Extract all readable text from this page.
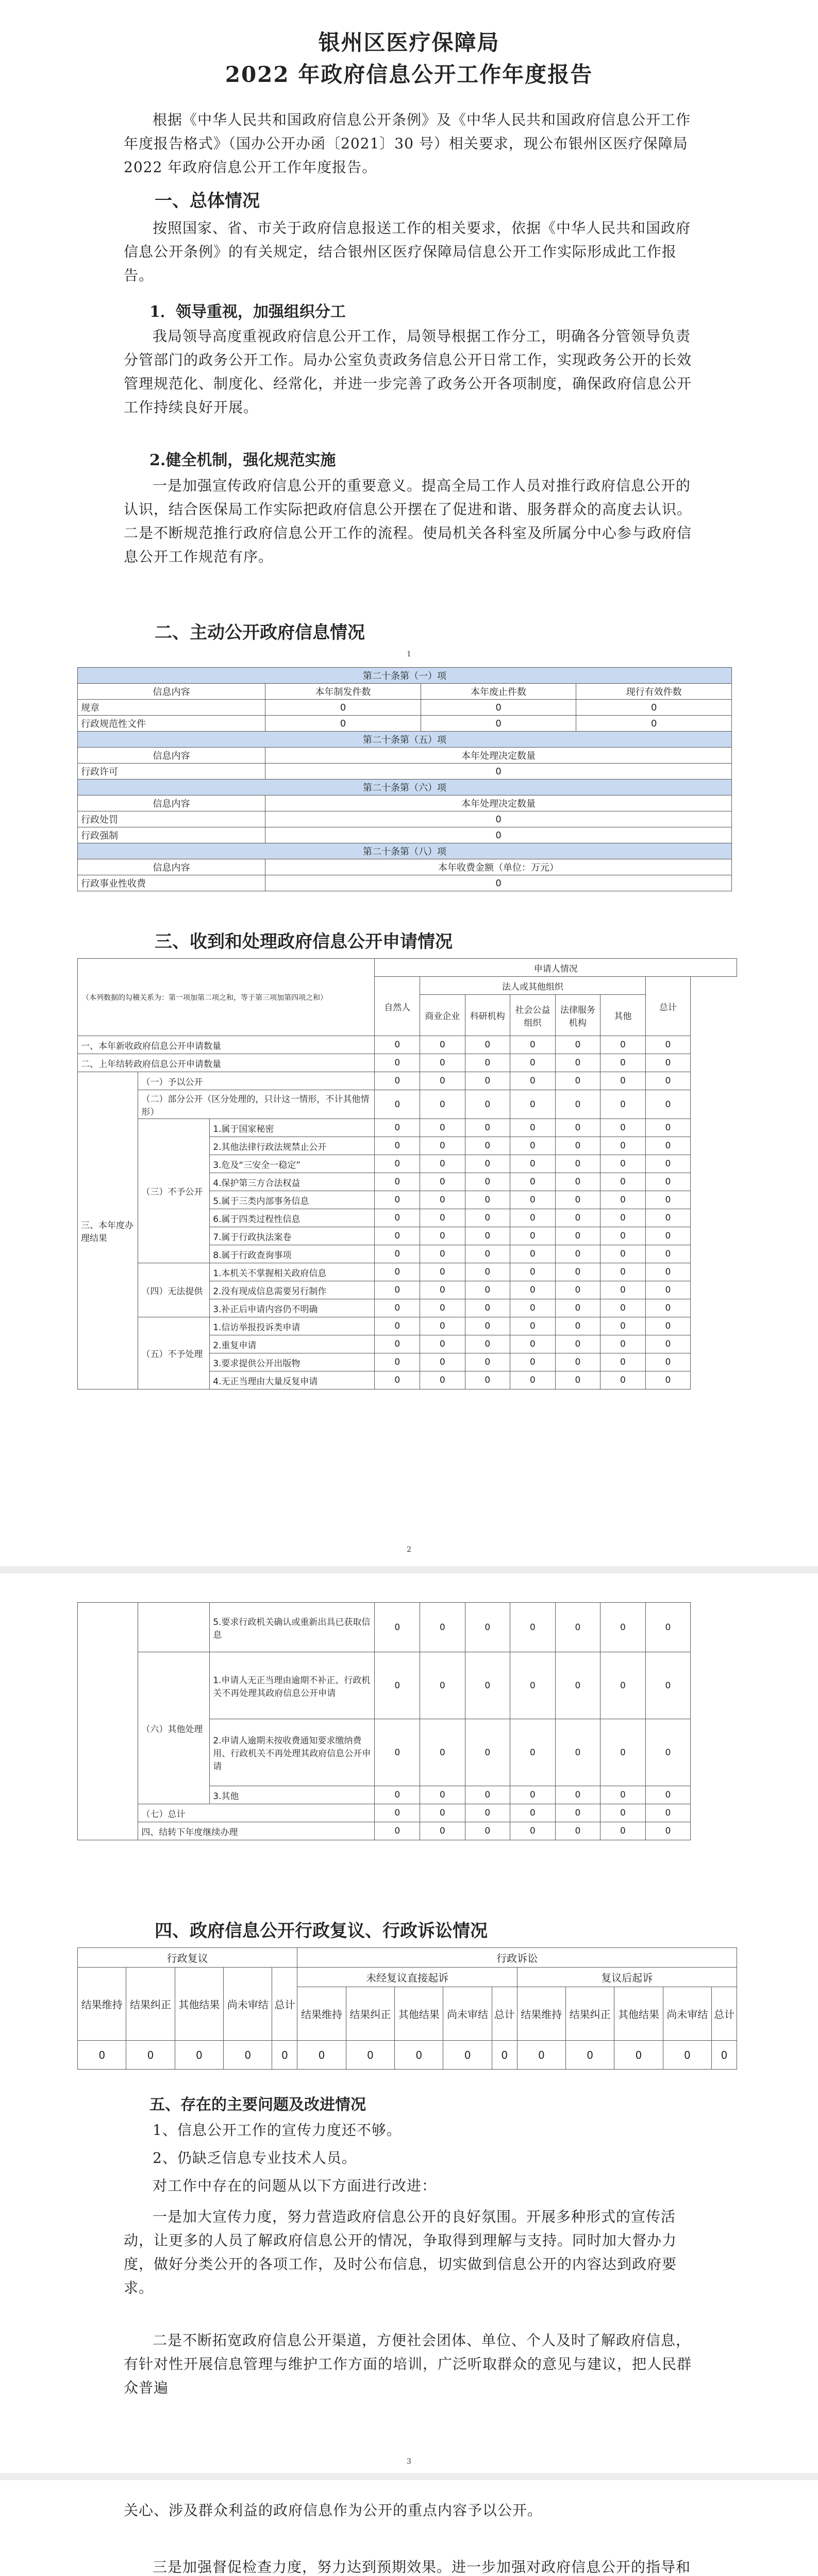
银州区医疗保障局
2022 年政府信息公开工作年度报告
根据《中华人民共和国政府信息公开条例》及《中华人民共和国政府信息公开工作年度报告格式》（国办公开办函〔2021〕30 号）相关要求，现公布银州区医疗保障局 2022 年政府信息公开工作年度报告。
一、总体情况
按照国家、省、市关于政府信息报送工作的相关要求，依据《中华人民共和国政府信息公开条例》的有关规定，结合银州区医疗保障局信息公开工作实际形成此工作报告。
1．领导重视，加强组织分工
我局领导高度重视政府信息公开工作，局领导根据工作分工，明确各分管领导负责分管部门的政务公开工作。局办公室负责政务信息公开日常工作，实现政务公开的长效管理规范化、制度化、经常化，并进一步完善了政务公开各项制度，确保政府信息公开工作持续良好开展。
2.健全机制，强化规范实施
一是加强宣传政府信息公开的重要意义。提高全局工作人员对推行政府信息公开的认识，结合医保局工作实际把政府信息公开摆在了促进和谐、服务群众的高度去认识。二是不断规范推行政府信息公开工作的流程。使局机关各科室及所属分中心参与政府信息公开工作规范有序。
二、主动公开政府信息情况
1
第二十条第（一）项			
信息内容	本年制发件数	本年废止件数	现行有效件数
规章	0	0	0
行政规范性文件	0	0	0
第二十条第（五）项			
信息内容	本年处理决定数量		
行政许可	0		
第二十条第（六）项			
信息内容	本年处理决定数量		
行政处罚	0		
行政强制	0		
第二十条第（八）项			
信息内容	本年收费金额（单位：万元）		
行政事业性收费	0		
三、收到和处理政府信息公开申请情况
（本列数据的勾稽关系为：第一项加第二项之和，等于第三项加第四项之和）			申请人情况						
			自然人	法人或其他组织					总计
				商业企业	科研机构	社会公益组织	法律服务机构	其他	
一、本年新收政府信息公开申请数量			0	0	0	0	0	0	0
二、上年结转政府信息公开申请数量			0	0	0	0	0	0	0
三、本年度办理结果	（一）予以公开		0	0	0	0	0	0	0
	（二）部分公开（区分处理的，只计这一情形，不计其他情形）		0	0	0	0	0	0	0
	（三）不予公开	1.属于国家秘密	0	0	0	0	0	0	0
		2.其他法律行政法规禁止公开	0	0	0	0	0	0	0
		3.危及“三安全一稳定”	0	0	0	0	0	0	0
		4.保护第三方合法权益	0	0	0	0	0	0	0
		5.属于三类内部事务信息	0	0	0	0	0	0	0
		6.属于四类过程性信息	0	0	0	0	0	0	0
		7.属于行政执法案卷	0	0	0	0	0	0	0
		8.属于行政查询事项	0	0	0	0	0	0	0
	（四）无法提供	1.本机关不掌握相关政府信息	0	0	0	0	0	0	0
		2.没有现成信息需要另行制作	0	0	0	0	0	0	0
		3.补正后申请内容仍不明确	0	0	0	0	0	0	0
	（五）不予处理	1.信访举报投诉类申请	0	0	0	0	0	0	0
		2.重复申请	0	0	0	0	0	0	0
		3.要求提供公开出版物	0	0	0	0	0	0	0
		4.无正当理由大量反复申请	0	0	0	0	0	0	0
2
		5.要求行政机关确认或重新出具已获取信息	0	0	0	0	0	0	0
	（六）其他处理	1.申请人无正当理由逾期不补正、行政机关不再处理其政府信息公开申请	0	0	0	0	0	0	0
		2.申请人逾期未按收费通知要求缴纳费用、行政机关不再处理其政府信息公开申请	0	0	0	0	0	0	0
		3.其他	0	0	0	0	0	0	0
	（七）总计		0	0	0	0	0	0	0
	四、结转下年度继续办理		0	0	0	0	0	0	0
四、政府信息公开行政复议、行政诉讼情况
行政复议					行政诉讼									
结果维持	结果纠正	其他结果	尚未审结	总计	未经复议直接起诉					复议后起诉				
					结果维持	结果纠正	其他结果	尚未审结	总计	结果维持	结果纠正	其他结果	尚未审结	总计
0	0	0	0	0	0	0	0	0	0	0	0	0	0	0
五、存在的主要问题及改进情况
1、信息公开工作的宣传力度还不够。
2、仍缺乏信息专业技术人员。
对工作中存在的问题从以下方面进行改进：
一是加大宣传力度，努力营造政府信息公开的良好氛围。开展多种形式的宣传活动，让更多的人员了解政府信息公开的情况，争取得到理解与支持。同时加大督办力度，做好分类公开的各项工作，及时公布信息，切实做到信息公开的内容达到政府要求。
二是不断拓宽政府信息公开渠道，方便社会团体、单位、个人及时了解政府信息，有针对性开展信息管理与维护工作方面的培训，广泛听取群众的意见与建议，把人民群众普遍
3
关心、涉及群众利益的政府信息作为公开的重点内容予以公开。
三是加强督促检查力度，努力达到预期效果。进一步加强对政府信息公开的指导和
